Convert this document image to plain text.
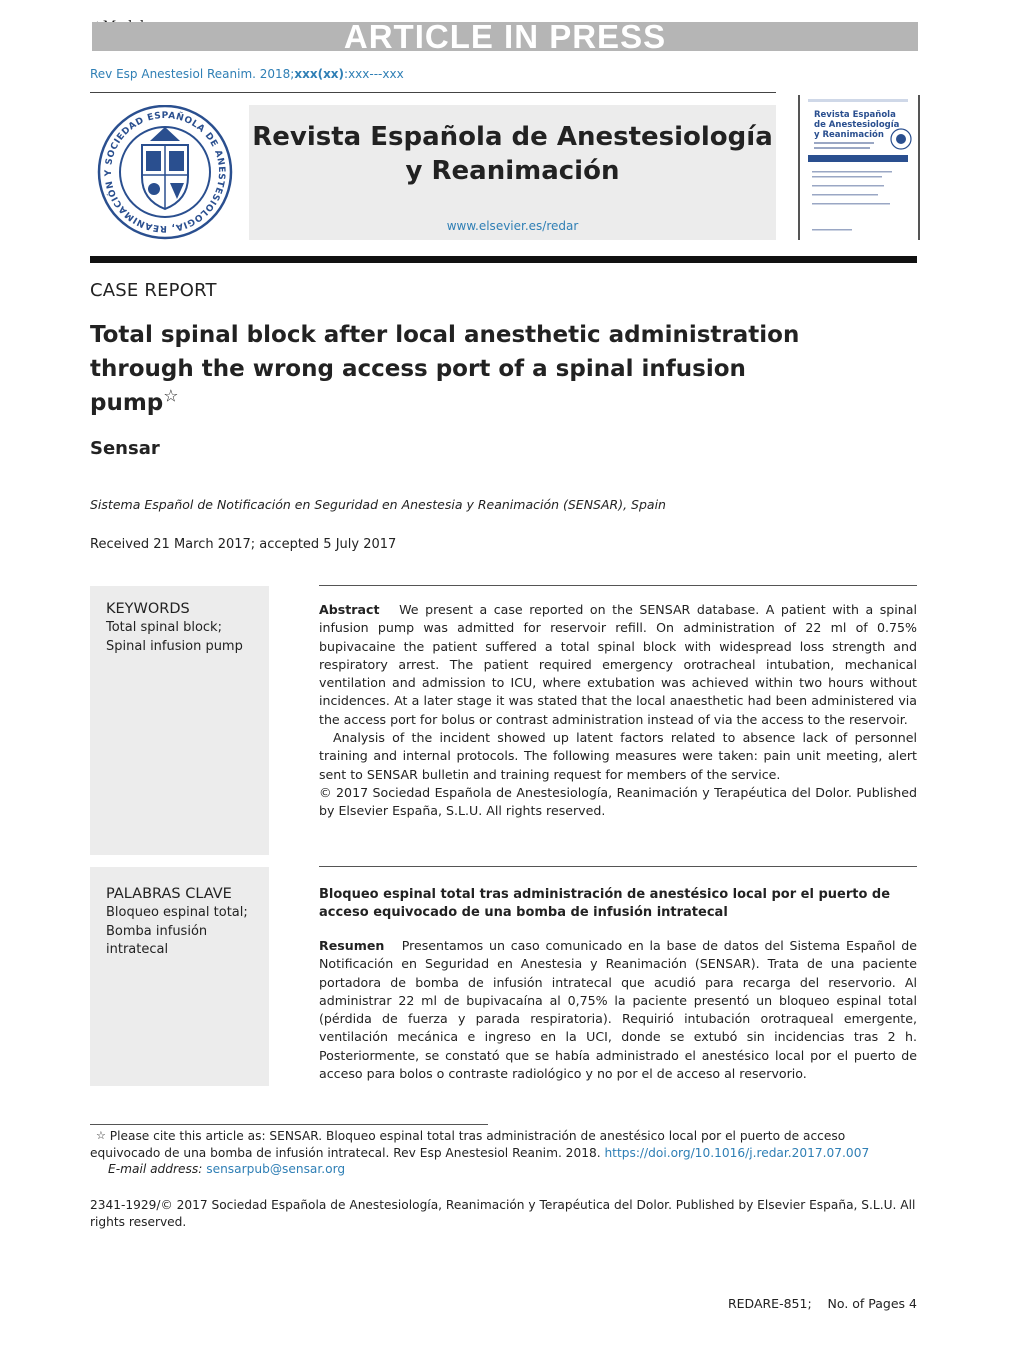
ARTICLE IN PRESS
Rev Esp Anestesiol Reanim. 2018;xxx(xx):xxx---xxx
SOCIEDAD ESPAÑOLA DE ANESTESIOLOGIA, REANIMACIÓN Y
Revista Española de Anestesiología
y Reanimación
www.elsevier.es/redar
Revista Española
de Anestesiología
y Reanimación
CASE REPORT
Total spinal block after local anesthetic administration through the wrong access port of a spinal infusion pump☆
Sensar
Sistema Español de Notificación en Seguridad en Anestesia y Reanimación (SENSAR), Spain
Received 21 March 2017; accepted 5 July 2017
KEYWORDS
Total spinal block;
Spinal infusion pump

Abstract We present a case reported on the SENSAR database. A patient with a spinal infusion pump was admitted for reservoir refill. On administration of 22 ml of 0.75% bupivacaine the patient suffered a total spinal block with widespread loss strength and respiratory arrest. The patient required emergency orotracheal intubation, mechanical ventilation and admission to ICU, where extubation was achieved within two hours without incidences. At a later stage it was stated that the local anaesthetic had been administered via the access port for bolus or contrast administration instead of via the access to the reservoir.

Analysis of the incident showed up latent factors related to absence lack of personnel training and internal protocols. The following measures were taken: pain unit meeting, alert sent to SENSAR bulletin and training request for members of the service.

© 2017 Sociedad Española de Anestesiología, Reanimación y Terapéutica del Dolor. Published by Elsevier España, S.L.U. All rights reserved.

PALABRAS CLAVE
Bloqueo espinal total;
Bomba infusión intratecal
Bloqueo espinal total tras administración de anestésico local por el puerto de acceso equivocado de una bomba de infusión intratecal

Resumen Presentamos un caso comunicado en la base de datos del Sistema Español de Notificación en Seguridad en Anestesia y Reanimación (SENSAR). Trata de una paciente portadora de bomba de infusión intratecal que acudió para recarga del reservorio. Al administrar 22 ml de bupivacaína al 0,75% la paciente presentó un bloqueo espinal total (pérdida de fuerza y parada respiratoria). Requirió intubación orotraqueal emergente, ventilación mecánica e ingreso en la UCI, donde se extubó sin incidencias tras 2 h. Posteriormente, se constató que se había administrado el anestésico local por el puerto de acceso para bolos o contraste radiológico y no por el de acceso al reservorio.

☆ Please cite this article as: SENSAR. Bloqueo espinal total tras administración de anestésico local por el puerto de acceso equivocado de una bomba de infusión intratecal. Rev Esp Anestesiol Reanim. 2018. https://doi.org/10.1016/j.redar.2017.07.007
E-mail address: sensarpub@sensar.org
2341-1929/© 2017 Sociedad Española de Anestesiología, Reanimación y Terapéutica del Dolor. Published by Elsevier España, S.L.U. All rights reserved.
REDARE-851;    No. of Pages 4
